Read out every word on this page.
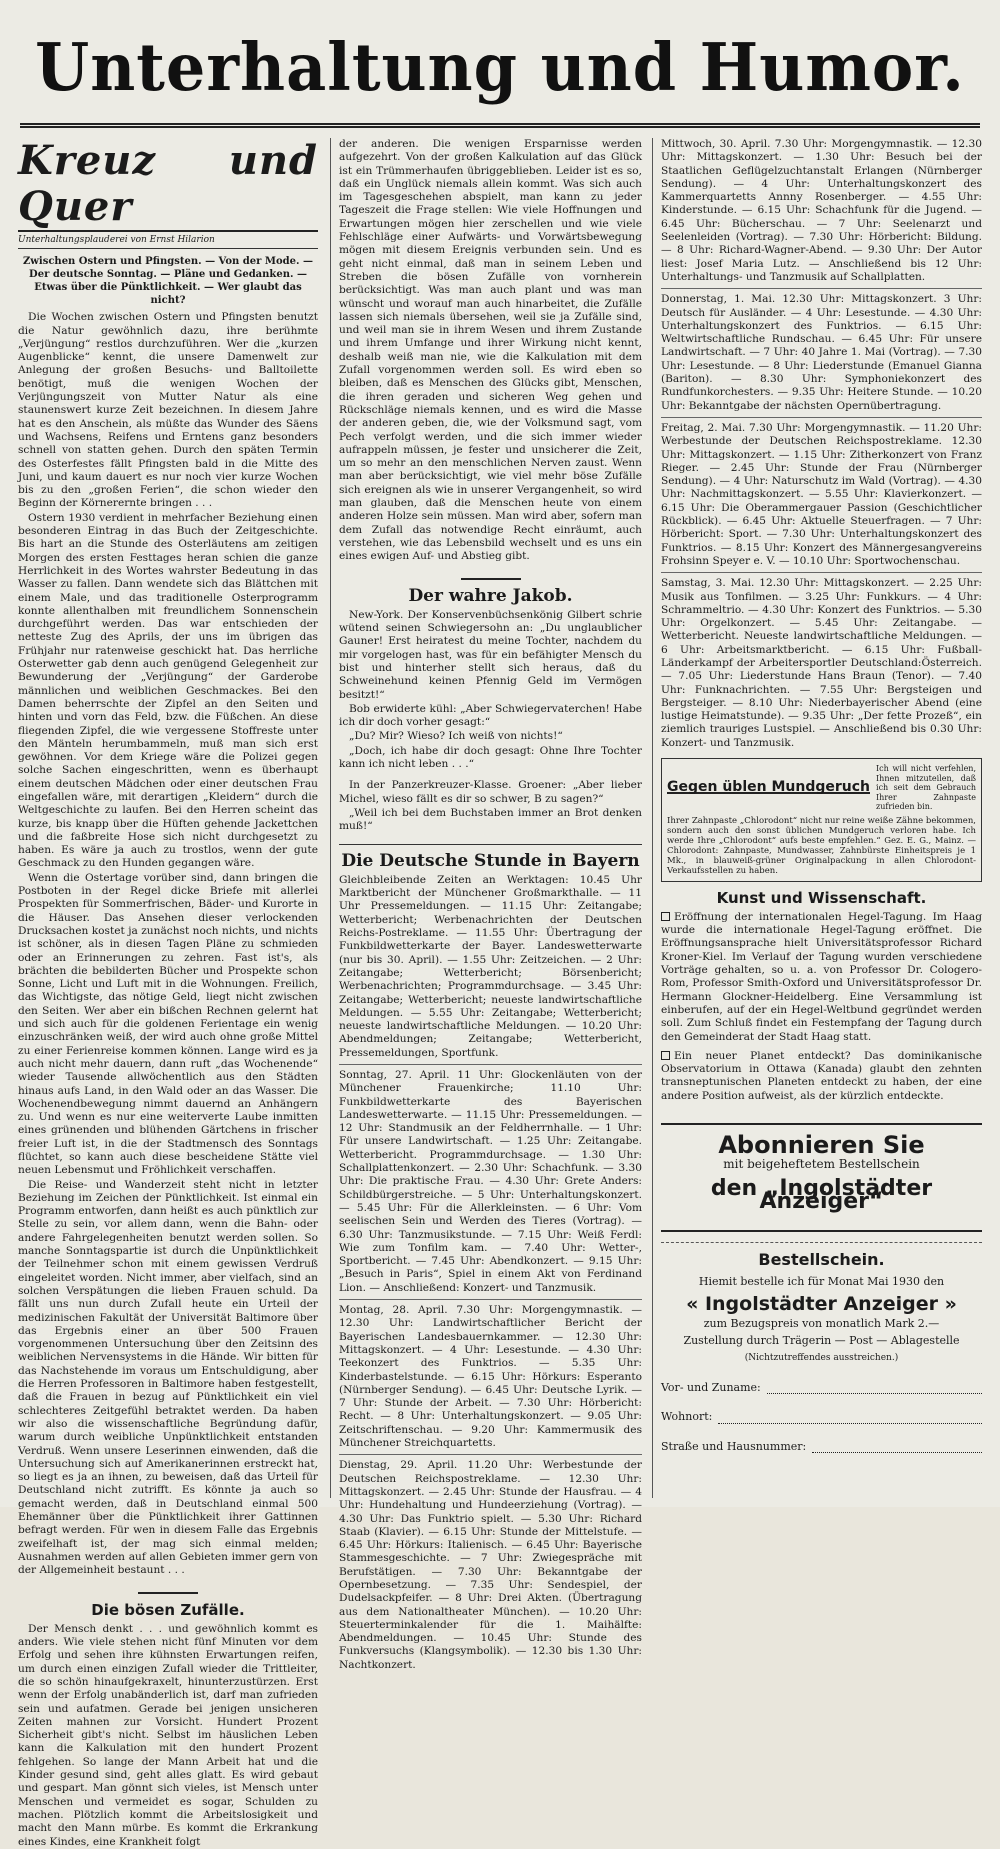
Unterhaltung und Humor.
Kreuz und Quer
Unterhaltungsplauderei von Ernst Hilarion
Zwischen Ostern und Pfingsten. — Von der Mode. — Der deutsche Sonntag. — Pläne und Gedanken. — Etwas über die Pünktlichkeit. — Wer glaubt das nicht?

Die Wochen zwischen Ostern und Pfingsten benutzt die Natur gewöhnlich dazu, ihre berühmte „Verjüngung“ restlos durchzuführen. Wer die „kurzen Augenblicke“ kennt, die unsere Damenwelt zur Anlegung der großen Besuchs- und Balltoilette benötigt, muß die wenigen Wochen der Verjüngungszeit von Mutter Natur als eine staunenswert kurze Zeit bezeichnen. In diesem Jahre hat es den Anschein, als müßte das Wunder des Säens und Wachsens, Reifens und Erntens ganz besonders schnell von statten gehen. Durch den späten Termin des Osterfestes fällt Pfingsten bald in die Mitte des Juni, und kaum dauert es nur noch vier kurze Wochen bis zu den „großen Ferien“, die schon wieder den Beginn der Körnerernte bringen . . .

Ostern 1930 verdient in mehrfacher Beziehung einen besonderen Eintrag in das Buch der Zeitgeschichte. Bis hart an die Stunde des Osterläutens am zeitigen Morgen des ersten Festtages heran schien die ganze Herrlichkeit in des Wortes wahrster Bedeutung in das Wasser zu fallen. Dann wendete sich das Blättchen mit einem Male, und das traditionelle Osterprogramm konnte allenthalben mit freundlichem Sonnenschein durchgeführt werden. Das war entschieden der netteste Zug des Aprils, der uns im übrigen das Frühjahr nur ratenweise geschickt hat. Das herrliche Osterwetter gab denn auch genügend Gelegenheit zur Bewunderung der „Verjüngung“ der Garderobe männlichen und weiblichen Geschmackes. Bei den Damen beherrschte der Zipfel an den Seiten und hinten und vorn das Feld, bzw. die Füßchen. An diese fliegenden Zipfel, die wie vergessene Stoffreste unter den Mänteln herumbammeln, muß man sich erst gewöhnen. Vor dem Kriege wäre die Polizei gegen solche Sachen eingeschritten, wenn es überhaupt einem deutschen Mädchen oder einer deutschen Frau eingefallen wäre, mit derartigen „Kleidern“ durch die Weltgeschichte zu laufen. Bei den Herren scheint das kurze, bis knapp über die Hüften gehende Jackettchen und die faßbreite Hose sich nicht durchgesetzt zu haben. Es wäre ja auch zu trostlos, wenn der gute Geschmack zu den Hunden gegangen wäre.

Wenn die Ostertage vorüber sind, dann bringen die Postboten in der Regel dicke Briefe mit allerlei Prospekten für Sommerfrischen, Bäder- und Kurorte in die Häuser. Das Ansehen dieser verlockenden Drucksachen kostet ja zunächst noch nichts, und nichts ist schöner, als in diesen Tagen Pläne zu schmieden oder an Erinnerungen zu zehren. Fast ist's, als brächten die bebilderten Bücher und Prospekte schon Sonne, Licht und Luft mit in die Wohnungen. Freilich, das Wichtigste, das nötige Geld, liegt nicht zwischen den Seiten. Wer aber ein bißchen Rechnen gelernt hat und sich auch für die goldenen Ferientage ein wenig einzuschränken weiß, der wird auch ohne große Mittel zu einer Ferienreise kommen können. Lange wird es ja auch nicht mehr dauern, dann ruft „das Wochenende“ wieder Tausende allwöchentlich aus den Städten hinaus aufs Land, in den Wald oder an das Wasser. Die Wochenendbewegung nimmt dauernd an Anhängern zu. Und wenn es nur eine weiterverte Laube inmitten eines grünenden und blühenden Gärtchens in frischer freier Luft ist, in die der Stadtmensch des Sonntags flüchtet, so kann auch diese bescheidene Stätte viel neuen Lebensmut und Fröhlichkeit verschaffen.

Die Reise- und Wanderzeit steht nicht in letzter Beziehung im Zeichen der Pünktlichkeit. Ist einmal ein Programm entworfen, dann heißt es auch pünktlich zur Stelle zu sein, vor allem dann, wenn die Bahn- oder andere Fahrgelegenheiten benutzt werden sollen. So manche Sonntagspartie ist durch die Unpünktlichkeit der Teilnehmer schon mit einem gewissen Verdruß eingeleitet worden. Nicht immer, aber vielfach, sind an solchen Verspätungen die lieben Frauen schuld. Da fällt uns nun durch Zufall heute ein Urteil der medizinischen Fakultät der Universität Baltimore über das Ergebnis einer an über 500 Frauen vorgenommenen Untersuchung über den Zeitsinn des weiblichen Nervensystems in die Hände. Wir bitten für das Nachstehende im voraus um Entschuldigung, aber die Herren Professoren in Baltimore haben festgestellt, daß die Frauen in bezug auf Pünktlichkeit ein viel schlechteres Zeitgefühl betraktet werden. Da haben wir also die wissenschaftliche Begründung dafür, warum durch weibliche Unpünktlichkeit entstanden Verdruß. Wenn unsere Leserinnen einwenden, daß die Untersuchung sich auf Amerikanerinnen erstreckt hat, so liegt es ja an ihnen, zu beweisen, daß das Urteil für Deutschland nicht zutrifft. Es könnte ja auch so gemacht werden, daß in Deutschland einmal 500 Ehemänner über die Pünktlichkeit ihrer Gattinnen befragt werden. Für wen in diesem Falle das Ergebnis zweifelhaft ist, der mag sich einmal melden; Ausnahmen werden auf allen Gebieten immer gern von der Allgemeinheit bestaunt . . .

Die bösen Zufälle.

Der Mensch denkt . . . und gewöhnlich kommt es anders. Wie viele stehen nicht fünf Minuten vor dem Erfolg und sehen ihre kühnsten Erwartungen reifen, um durch einen einzigen Zufall wieder die Trittleiter, die so schön hinaufgekraxelt, hinunterzustürzen. Erst wenn der Erfolg unabänderlich ist, darf man zufrieden sein und aufatmen. Gerade bei jenigen unsicheren Zeiten mahnen zur Vorsicht. Hundert Prozent Sicherheit gibt's nicht. Selbst im häuslichen Leben kann die Kalkulation mit den hundert Prozent fehlgehen. So lange der Mann Arbeit hat und die Kinder gesund sind, geht alles glatt. Es wird gebaut und gespart. Man gönnt sich vieles, ist Mensch unter Menschen und vermeidet es sogar, Schulden zu machen. Plötzlich kommt die Arbeitslosigkeit und macht den Mann mürbe. Es kommt die Erkrankung eines Kindes, eine Krankheit folgt

der anderen. Die wenigen Ersparnisse werden aufgezehrt. Von der großen Kalkulation auf das Glück ist ein Trümmerhaufen übriggeblieben. Leider ist es so, daß ein Unglück niemals allein kommt. Was sich auch im Tagesgeschehen abspielt, man kann zu jeder Tageszeit die Frage stellen: Wie viele Hoffnungen und Erwartungen mögen hier zerschellen und wie viele Fehlschläge einer Aufwärts- und Vorwärtsbewegung mögen mit diesem Ereignis verbunden sein. Und es geht nicht einmal, daß man in seinem Leben und Streben die bösen Zufälle von vornherein berücksichtigt. Was man auch plant und was man wünscht und worauf man auch hinarbeitet, die Zufälle lassen sich niemals übersehen, weil sie ja Zufälle sind, und weil man sie in ihrem Wesen und ihrem Zustande und ihrem Umfange und ihrer Wirkung nicht kennt, deshalb weiß man nie, wie die Kalkulation mit dem Zufall vorgenommen werden soll. Es wird eben so bleiben, daß es Menschen des Glücks gibt, Menschen, die ihren geraden und sicheren Weg gehen und Rückschläge niemals kennen, und es wird die Masse der anderen geben, die, wie der Volksmund sagt, vom Pech verfolgt werden, und die sich immer wieder aufrappeln müssen, je fester und unsicherer die Zeit, um so mehr an den menschlichen Nerven zaust. Wenn man aber berücksichtigt, wie viel mehr böse Zufälle sich ereignen als wie in unserer Vergangenheit, so wird man glauben, daß die Menschen heute von einem anderen Holze sein müssen. Man wird aber, sofern man dem Zufall das notwendige Recht einräumt, auch verstehen, wie das Lebensbild wechselt und es uns ein eines ewigen Auf- und Abstieg gibt.

Der wahre Jakob.

New-York. Der Konservenbüchsenkönig Gilbert schrie wütend seinen Schwiegersohn an: „Du unglaublicher Gauner! Erst heiratest du meine Tochter, nachdem du mir vorgelogen hast, was für ein befähigter Mensch du bist und hinterher stellt sich heraus, daß du Schweinehund keinen Pfennig Geld im Vermögen besitzt!“

Bob erwiderte kühl: „Aber Schwiegervaterchen! Habe ich dir doch vorher gesagt:“

„Du? Mir? Wieso? Ich weiß von nichts!“

„Doch, ich habe dir doch gesagt: Ohne Ihre Tochter kann ich nicht leben . . .“

In der Panzerkreuzer-Klasse. Groener: „Aber lieber Michel, wieso fällt es dir so schwer, B zu sagen?“

„Weil ich bei dem Buchstaben immer an Brot denken muß!“

Die Deutsche Stunde in Bayern

Gleichbleibende Zeiten an Werktagen: 10.45 Uhr Marktbericht der Münchener Großmarkthalle. — 11 Uhr Pressemeldungen. — 11.15 Uhr: Zeitangabe; Wetterbericht; Werbenachrichten der Deutschen Reichs-Postreklame. — 11.55 Uhr: Übertragung der Funkbildwetterkarte der Bayer. Landeswetterwarte (nur bis 30. April). — 1.55 Uhr: Zeitzeichen. — 2 Uhr: Zeitangabe; Wetterbericht; Börsenbericht; Werbenachrichten; Programmdurchsage. — 3.45 Uhr: Zeitangabe; Wetterbericht; neueste landwirtschaftliche Meldungen. — 5.55 Uhr: Zeitangabe; Wetterbericht; neueste landwirtschaftliche Meldungen. — 10.20 Uhr: Abendmeldungen; Zeitangabe; Wetterbericht, Pressemeldungen, Sportfunk.

Sonntag, 27. April. 11 Uhr: Glockenläuten von der Münchener Frauenkirche; 11.10 Uhr: Funkbildwetterkarte des Bayerischen Landeswetterwarte. — 11.15 Uhr: Pressemeldungen. — 12 Uhr: Standmusik an der Feldherrnhalle. — 1 Uhr: Für unsere Landwirtschaft. — 1.25 Uhr: Zeitangabe. Wetterbericht. Programmdurchsage. — 1.30 Uhr: Schallplattenkonzert. — 2.30 Uhr: Schachfunk. — 3.30 Uhr: Die praktische Frau. — 4.30 Uhr: Grete Anders: Schildbürgerstreiche. — 5 Uhr: Unterhaltungskonzert. — 5.45 Uhr: Für die Allerkleinsten. — 6 Uhr: Vom seelischen Sein und Werden des Tieres (Vortrag). — 6.30 Uhr: Tanzmusikstunde. — 7.15 Uhr: Weiß Ferdl: Wie zum Tonfilm kam. — 7.40 Uhr: Wetter-, Sportbericht. — 7.45 Uhr: Abendkonzert. — 9.15 Uhr: „Besuch in Paris“, Spiel in einem Akt von Ferdinand Lion. — Anschließend: Konzert- und Tanzmusik.

Montag, 28. April. 7.30 Uhr: Morgengymnastik. — 12.30 Uhr: Landwirtschaftlicher Bericht der Bayerischen Landesbauernkammer. — 12.30 Uhr: Mittagskonzert. — 4 Uhr: Lesestunde. — 4.30 Uhr: Teekonzert des Funktrios. — 5.35 Uhr: Kinderbastelstunde. — 6.15 Uhr: Hörkurs: Esperanto (Nürnberger Sendung). — 6.45 Uhr: Deutsche Lyrik. — 7 Uhr: Stunde der Arbeit. — 7.30 Uhr: Hörbericht: Recht. — 8 Uhr: Unterhaltungskonzert. — 9.05 Uhr: Zeitschriftenschau. — 9.20 Uhr: Kammermusik des Münchener Streichquartetts.

Dienstag, 29. April. 11.20 Uhr: Werbestunde der Deutschen Reichspostreklame. — 12.30 Uhr: Mittagskonzert. — 2.45 Uhr: Stunde der Hausfrau. — 4 Uhr: Hundehaltung und Hundeerziehung (Vortrag). — 4.30 Uhr: Das Funktrio spielt. — 5.30 Uhr: Richard Staab (Klavier). — 6.15 Uhr: Stunde der Mittelstufe. — 6.45 Uhr: Hörkurs: Italienisch. — 6.45 Uhr: Bayerische Stammesgeschichte. — 7 Uhr: Zwiegespräche mit Berufstätigen. — 7.30 Uhr: Bekanntgabe der Opernbesetzung. — 7.35 Uhr: Sendespiel, der Dudelsackpfeifer. — 8 Uhr: Drei Akten. (Übertragung aus dem Nationaltheater München). — 10.20 Uhr: Steuerterminkalender für die 1. Maihälfte: Abendmeldungen. — 10.45 Uhr: Stunde des Funkversuchs (Klangsymbolik). — 12.30 bis 1.30 Uhr: Nachtkonzert.

Mittwoch, 30. April. 7.30 Uhr: Morgengymnastik. — 12.30 Uhr: Mittagskonzert. — 1.30 Uhr: Besuch bei der Staatlichen Geflügelzuchtanstalt Erlangen (Nürnberger Sendung). — 4 Uhr: Unterhaltungskonzert des Kammerquartetts Annny Rosenberger. — 4.55 Uhr: Kinderstunde. — 6.15 Uhr: Schachfunk für die Jugend. — 6.45 Uhr: Bücherschau. — 7 Uhr: Seelenarzt und Seelenleiden (Vortrag). — 7.30 Uhr: Hörbericht: Bildung. — 8 Uhr: Richard-Wagner-Abend. — 9.30 Uhr: Der Autor liest: Josef Maria Lutz. — Anschließend bis 12 Uhr: Unterhaltungs- und Tanzmusik auf Schallplatten.

Donnerstag, 1. Mai. 12.30 Uhr: Mittagskonzert. 3 Uhr: Deutsch für Ausländer. — 4 Uhr: Lesestunde. — 4.30 Uhr: Unterhaltungskonzert des Funktrios. — 6.15 Uhr: Weltwirtschaftliche Rundschau. — 6.45 Uhr: Für unsere Landwirtschaft. — 7 Uhr: 40 Jahre 1. Mai (Vortrag). — 7.30 Uhr: Lesestunde. — 8 Uhr: Liederstunde (Emanuel Gianna (Bariton). — 8.30 Uhr: Symphoniekonzert des Rundfunkorchesters. — 9.35 Uhr: Heitere Stunde. — 10.20 Uhr: Bekanntgabe der nächsten Opernübertragung.

Freitag, 2. Mai. 7.30 Uhr: Morgengymnastik. — 11.20 Uhr: Werbestunde der Deutschen Reichspostreklame. 12.30 Uhr: Mittagskonzert. — 1.15 Uhr: Zitherkonzert von Franz Rieger. — 2.45 Uhr: Stunde der Frau (Nürnberger Sendung). — 4 Uhr: Naturschutz im Wald (Vortrag). — 4.30 Uhr: Nachmittagskonzert. — 5.55 Uhr: Klavierkonzert. — 6.15 Uhr: Die Oberammergauer Passion (Geschichtlicher Rückblick). — 6.45 Uhr: Aktuelle Steuerfragen. — 7 Uhr: Hörbericht: Sport. — 7.30 Uhr: Unterhaltungskonzert des Funktrios. — 8.15 Uhr: Konzert des Männergesangvereins Frohsinn Speyer e. V. — 10.10 Uhr: Sportwochenschau.

Samstag, 3. Mai. 12.30 Uhr: Mittagskonzert. — 2.25 Uhr: Musik aus Tonfilmen. — 3.25 Uhr: Funkkurs. — 4 Uhr: Schrammeltrio. — 4.30 Uhr: Konzert des Funktrios. — 5.30 Uhr: Orgelkonzert. — 5.45 Uhr: Zeitangabe. — Wetterbericht. Neueste landwirtschaftliche Meldungen. — 6 Uhr: Arbeitsmarktbericht. — 6.15 Uhr: Fußball-Länderkampf der Arbeitersportler Deutschland:Österreich. — 7.05 Uhr: Liederstunde Hans Braun (Tenor). — 7.40 Uhr: Funknachrichten. — 7.55 Uhr: Bergsteigen und Bergsteiger. — 8.10 Uhr: Niederbayerischer Abend (eine lustige Heimatstunde). — 9.35 Uhr: „Der fette Prozeß“, ein ziemlich trauriges Lustspiel. — Anschließend bis 0.30 Uhr: Konzert- und Tanzmusik.

Gegen üblen Mundgeruch
Ich will nicht verfehlen, Ihnen mitzuteilen, daß ich seit dem Gebrauch Ihrer Zahnpaste zufrieden bin.
Ihrer Zahnpaste „Chlorodont“ nicht nur reine weiße Zähne bekommen, sondern auch den sonst üblichen Mundgeruch verloren habe. Ich werde Ihre „Chlorodont“ aufs beste empfehlen.“ Gez. E. G., Mainz. — Chlorodont: Zahnpaste, Mundwasser, Zahnbürste Einheitspreis je 1 Mk., in blauweiß-grüner Originalpackung in allen Chlorodont-Verkaufsstellen zu haben.
Kunst und Wissenschaft.
Eröffnung der internationalen Hegel-Tagung. Im Haag wurde die internationale Hegel-Tagung eröffnet. Die Eröffnungsansprache hielt Universitätsprofessor Richard Kroner-Kiel. Im Verlauf der Tagung wurden verschiedene Vorträge gehalten, so u. a. von Professor Dr. Cologero-Rom, Professor Smith-Oxford und Universitätsprofessor Dr. Hermann Glockner-Heidelberg. Eine Versammlung ist einberufen, auf der ein Hegel-Weltbund gegründet werden soll. Zum Schluß findet ein Festempfang der Tagung durch den Gemeinderat der Stadt Haag statt.
Ein neuer Planet entdeckt? Das dominikanische Observatorium in Ottawa (Kanada) glaubt den zehnten transneptunischen Planeten entdeckt zu haben, der eine andere Position aufweist, als der kürzlich entdeckte.
Abonnieren Sie
mit beigeheftetem Bestellschein
den „Ingolstädter Anzeiger“
Bestellschein.
Hiemit bestelle ich für Monat Mai 1930 den
« Ingolstädter Anzeiger »
zum Bezugspreis von monatlich Mark 2.—
Zustellung durch Trägerin — Post — Ablagestelle
(Nichtzutreffendes ausstreichen.)
Vor- und Zuname:
Wohnort:
Straße und Hausnummer:
